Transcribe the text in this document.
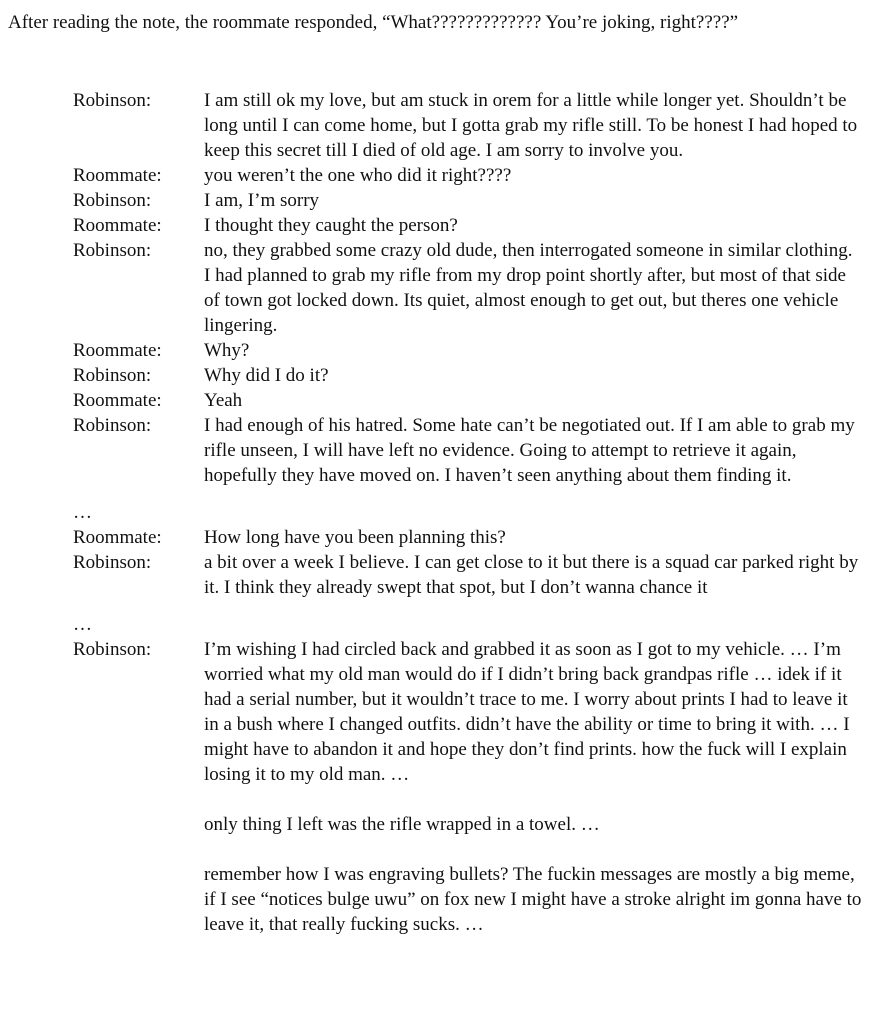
After reading the note, the roommate responded, “What????????????? You’re joking, right????”

Robinson:	I am still ok my love, but am stuck in orem for a little while longer yet. Shouldn’t be long until I can come home, but I gotta grab my rifle still. To be honest I had hoped to keep this secret till I died of old age. I am sorry to involve you.

Roommate:	you weren’t the one who did it right????

Robinson:	I am, I’m sorry

Roommate:	I thought they caught the person?

Robinson:	no, they grabbed some crazy old dude, then interrogated someone in similar clothing. I had planned to grab my rifle from my drop point shortly after, but most of that side of town got locked down. Its quiet, almost enough to get out, but theres one vehicle lingering.

Roommate:	Why?

Robinson:	Why did I do it?

Roommate:	Yeah

Robinson:	I had enough of his hatred. Some hate can’t be negotiated out. If I am able to grab my rifle unseen, I will have left no evidence. Going to attempt to retrieve it again, hopefully they have moved on. I haven’t seen anything about them finding it.

…
Roommate:	How long have you been planning this?

Robinson:	a bit over a week I believe. I can get close to it but there is a squad car parked right by it. I think they already swept that spot, but I don’t wanna chance it

…
Robinson:	I’m wishing I had circled back and grabbed it as soon as I got to my vehicle. … I’m worried what my old man would do if I didn’t bring back grandpas rifle … idek if it had a serial number, but it wouldn’t trace to me. I worry about prints I had to leave it in a bush where I changed outfits. didn’t have the ability or time to bring it with. … I might have to abandon it and hope they don’t find prints. how the fuck will I explain losing it to my old man. …

only thing I left was the rifle wrapped in a towel. …

remember how I was engraving bullets? The fuckin messages are mostly a big meme, if I see “notices bulge uwu” on fox new I might have a stroke alright im gonna have to leave it, that really fucking sucks. …
